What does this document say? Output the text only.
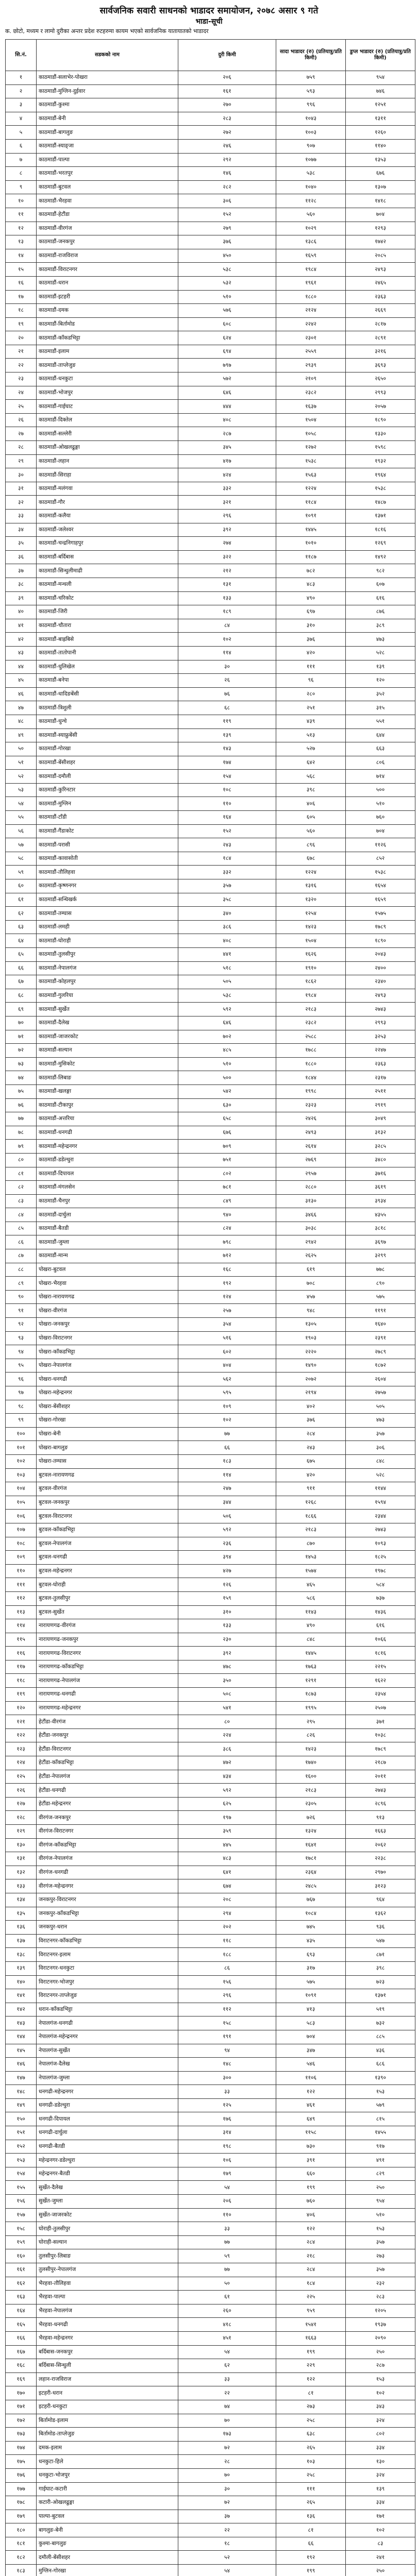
सार्वजनिक सवारी साधनको भाडादर समायोजन, २०७८ असार ९ गते
भाडा-सूची
क. छोटो, मध्यम र लामो दुरीका अन्तर प्रदेश रुटहरुमा कायम भएको सार्वजनिक यातायातको भाडादर
सि.नं.	सडकको नाम	दुरी किमी	सादा भाडादर (रु) (प्रतियात्रु/प्रति किमी)	डुप्ल भाडादर (रु) (प्रतियात्रु/प्रति किमी)
१	काठमाडौं-सलाभेर-पोखरा	२०६	७५९	९५४
२	काठमाडौं-मुग्लिन-दुईवार	१६१	५९३	७४६
३	काठमाडौं-कुश्मा	२७०	९९६	१२५१
४	काठमाडौं-बेनी	२८३	१०४३	१३११
५	काठमाडौं-बागलुङ	२७२	१००३	१२६०
६	काठमाडौं-स्याङ्जा	२४६	९०७	११४०
७	काठमाडौं-पाल्पा	२९२	१०७७	१३५३
८	काठमाडौं-भरतपुर	१४६	५३८	६७६
९	काठमाडौं-बुटवल	२८२	१०४०	१३०७
१०	काठमाडौं-भैरहवा	३०६	११२८	१४१८
११	काठमाडौं-हेटौंडा	१५२	५६०	७०४
१२	काठमाडौं-वीरगंज	२७९	१०२९	१२९३
१३	काठमाडौं-जनकपुर	३७६	१३८६	१७४२
१४	काठमाडौं-राजविराज	४५०	१६५९	२०८५
१५	काठमाडौं-विराटनगर	५३८	१९८४	२४९३
१६	काठमाडौं-धरान	५३२	१९६१	२४६५
१७	काठमाडौं-इटहरी	५१०	१८८०	२३६३
१८	काठमाडौं-दमक	५७६	२१२४	२६६९
१९	काठमाडौं-बिर्तामोड	६०८	२२४२	२८१७
२०	काठमाडौं-काँकडभिट्टा	६२४	२३०१	२८९१
२१	काठमाडौं-इलाम	६९४	२५५९	३२१६
२२	काठमाडौं-ताप्लेजुङ	७९७	२९३९	३६९३
२३	काठमाडौं-धनकुटा	५७२	२१०९	२६५०
२४	काठमाडौं-भोजपुर	६४६	२३८२	२९९३
२५	काठमाडौं-गाईघाट	४४४	१६३७	२०५७
२६	काठमाडौं-दिक्तेल	४०८	१५०४	१८९०
२७	काठमाडौं-सल्लेरी	२८७	१०५८	१३३०
२८	काठमाडौं-ओखलढुङ्गा	३४५	१२७२	१५९८
२९	काठमाडौं-लहान	४१७	१५३८	१९३२
३०	काठमाडौं-सिराहा	४२४	१५६३	१९६४
३१	काठमाडौं-मलंगवा	३३२	१२२४	१५३८
३२	काठमाडौं-गौर	३२१	११८४	१४८७
३३	काठमाडौं-कलैया	२९६	१०९१	१३७१
३४	काठमाडौं-जलेश्वर	३९२	१४४५	१८१६
३५	काठमाडौं-चन्द्रनिगाहपुर	२७४	१०१०	१२६९
३६	काठमाडौं-बर्दिबास	३२२	११८७	१४९२
३७	काठमाडौं-सिन्धुलीमाढी	२१२	७८२	९८२
३८	काठमाडौं-मन्थली	१३१	४८३	६०७
३९	काठमाडौं-चरिकोट	१३३	४९०	६१६
४०	काठमाडौं-जिरी	१८९	६९७	८७६
४१	काठमाडौं-चौतारा	८४	३१०	३८९
४२	काठमाडौं-बाह्रबिसे	१०२	३७६	४७३
४३	काठमाडौं-तातोपानी	११४	४२०	५२८
४४	काठमाडौं-धुलिखेल	३०	१११	१३९
४५	काठमाडौं-बनेपा	२६	९६	१२०
४६	काठमाडौं-धादिङबेंसी	७६	२८०	३५२
४७	काठमाडौं-त्रिशुली	६८	२५१	३१५
४८	काठमाडौं-धुन्चे	११९	४३९	५५१
४९	काठमाडौं-स्याफ्रुबेंसी	१३९	५१३	६४४
५०	काठमाडौं-गोरखा	१४३	५२७	६६३
५१	काठमाडौं-बेंसीशहर	१७४	६४२	८०६
५२	काठमाडौं-दमौली	१५४	५६८	७१४
५३	काठमाडौं-कुरिनटार	१०८	३९८	५००
५४	काठमाडौं-मुग्लिन	११०	४०६	५१०
५५	काठमाडौं-टाँडी	१६४	६०५	७६०
५६	काठमाडौं-गैंडाकोट	१५२	५६०	७०४
५७	काठमाडौं-परासी	२४३	८९६	११२६
५८	काठमाडौं-कावासोती	१८४	६७८	८५२
५९	काठमाडौं-तौलिहवा	३३२	१२२४	१५३८
६०	काठमाडौं-कृष्णनगर	३५७	१३१६	१६५४
६१	काठमाडौं-सन्धिखर्क	३५८	१३२०	१६५९
६२	काठमाडौं-तम्घास	३४०	१२५४	१५७५
६३	काठमाडौं-लमही	३८६	१४२३	१७८९
६४	काठमाडौं-घोराही	४०८	१५०४	१८९०
६५	काठमाडौं-तुलसीपुर	४४१	१६२६	२०४३
६६	काठमाडौं-नेपालगंज	५१८	१९१०	२४००
६७	काठमाडौं-कोहलपुर	५०५	१८६२	२३४०
६८	काठमाडौं-गुलरिया	५३८	१९८४	२४९३
६९	काठमाडौं-सुर्खेत	५९२	२१८३	२७४३
७०	काठमाडौं-दैलेख	६४६	२३८२	२९९३
७१	काठमाडौं-जाजरकोट	७०२	२५८८	३२५३
७२	काठमाडौं-सल्यान	४८५	१७८८	२२४७
७३	काठमाडौं-मुसिकोट	५१०	१८८०	२३६३
७४	काठमाडौं-लिबाङ	५००	१८४४	२३१७
७५	काठमाडौं-खलङ्गा	५४२	१९९८	२५११
७६	काठमाडौं-टीकापुर	६३०	२३२३	२९१९
७७	काठमाडौं-अत्तरिया	६५८	२४२६	३०४९
७८	काठमाडौं-धनगढी	६७६	२४९३	३१३२
७९	काठमाडौं-महेन्द्रनगर	७०९	२६१४	३२८५
८०	काठमाडौं-डडेल्धुरा	७५१	२७६९	३४८०
८१	काठमाडौं-दिपायल	८०२	२९५७	३७१६
८२	काठमाडौं-मंगलसेन	७८१	२८८०	३६१९
८३	काठमाडौं-चैनपुर	८४९	३१३०	३९३४
८४	काठमाडौं-दार्चुला	९४०	३४६६	४३५५
८५	काठमाडौं-बैतडी	८२४	३०३८	३८१८
८६	काठमाडौं-जुम्ला	७९८	२९४२	३६९७
८७	काठमाडौं-मान्म	७१२	२६२५	३२९९
८८	पोखरा-बुटवल	१६८	६१९	७७८
८९	पोखरा-भैरहवा	१९२	७०८	८९०
९०	पोखरा-नारायणगढ	१२४	४५७	५७५
९१	पोखरा-वीरगंज	२५७	९४८	११९१
९२	पोखरा-जनकपुर	३५४	१३०५	१६४०
९३	पोखरा-विराटनगर	५१६	१९०३	२३९१
९४	पोखरा-काँकडभिट्टा	६०२	२२२०	२७८९
९५	पोखरा-नेपालगंज	४०४	१४९०	१८७२
९६	पोखरा-धनगढी	५६२	२०७२	२६०४
९७	पोखरा-महेन्द्रनगर	५९५	२१९४	२७५७
९८	पोखरा-बेंसीशहर	१०९	४०२	५०५
९९	पोखरा-गोरखा	१०२	३७६	४७३
१००	पोखरा-बेनी	७७	२८४	३५७
१०१	पोखरा-बागलुङ	६६	२४३	३०६
१०२	पोखरा-तम्घास	१८३	६७५	८४८
१०३	बुटवल-नारायणगढ	११४	४२०	५२८
१०४	बुटवल-वीरगंज	२४७	९११	११४४
१०५	बुटवल-जनकपुर	३४४	१२६८	१५९४
१०६	बुटवल-विराटनगर	५०६	१८६६	२३४४
१०७	बुटवल-काँकडभिट्टा	५९२	२१८३	२७४३
१०८	बुटवल-नेपालगंज	२३६	८७०	१०९३
१०९	बुटवल-धनगढी	३९४	१४५३	१८२५
११०	बुटवल-महेन्द्रनगर	४२७	१५७४	१९७८
१११	बुटवल-घोराही	१२६	४६५	५८४
११२	बुटवल-तुलसीपुर	१५९	५८६	७३७
११३	बुटवल-सुर्खेत	३१०	११४३	१४३६
११४	नारायणगढ-वीरगंज	१३३	४९०	६१६
११५	नारायणगढ-जनकपुर	२३०	८४८	१०६६
११६	नारायणगढ-विराटनगर	३९२	१४४५	१८१६
११७	नारायणगढ-काँकडभिट्टा	४७८	१७६३	२२१५
११८	नारायणगढ-नेपालगंज	३५०	१२९१	१६२२
११९	नारायणगढ-धनगढी	५०८	१८७३	२३५४
१२०	नारायणगढ-महेन्द्रनगर	५४१	१९९५	२५०७
१२१	हेटौंडा-वीरगंज	८०	२९५	३७१
१२२	हेटौंडा-जनकपुर	२२४	८२६	१०३८
१२३	हेटौंडा-विराटनगर	३८६	१४२३	१७८९
१२४	हेटौंडा-काँकडभिट्टा	४७२	१७४०	२१८७
१२५	हेटौंडा-नेपालगंज	४३४	१६००	२०११
१२६	हेटौंडा-धनगढी	५९२	२१८३	२७४३
१२७	हेटौंडा-महेन्द्रनगर	६२५	२३०५	२८९६
१२८	वीरगंज-जनकपुर	१९७	७२६	९१३
१२९	वीरगंज-विराटनगर	३५९	१३२४	१६६३
१३०	वीरगंज-काँकडभिट्टा	४४५	१६४१	२०६२
१३१	वीरगंज-नेपालगंज	४८३	१७८१	२२३८
१३२	वीरगंज-धनगढी	६४१	२३६४	२९७०
१३३	वीरगंज-महेन्द्रनगर	६७४	२४८५	३१२३
१३४	जनकपुर-विराटनगर	२०८	७६७	९६४
१३५	जनकपुर-काँकडभिट्टा	२९४	१०८४	१३६२
१३६	जनकपुर-धरान	२०२	७४५	९३६
१३७	विराटनगर-काँकडभिट्टा	११८	४३५	५४७
१३८	विराटनगर-इलाम	१८८	६९३	८७१
१३९	विराटनगर-धनकुटा	८६	३१७	३९८
१४०	विराटनगर-भोजपुर	१५६	५७५	७२३
१४१	विराटनगर-ताप्लेजुङ	२९६	१०९१	१३७१
१४२	धरान-काँकडभिट्टा	११२	४१३	५१९
१४३	नेपालगंज-धनगढी	१५८	५८३	७३२
१४४	नेपालगंज-महेन्द्रनगर	१९१	७०४	८८५
१४५	नेपालगंज-सुर्खेत	९४	३४७	४३६
१४६	नेपालगंज-दैलेख	१४८	५४६	६८६
१४७	नेपालगंज-जुम्ला	३००	११०६	१३९०
१४८	धनगढी-महेन्द्रनगर	३३	१२२	१५३
१४९	धनगढी-डडेल्धुरा	१२५	४६१	५७९
१५०	धनगढी-दिपायल	१७६	६४९	८१५
१५१	धनगढी-दार्चुला	३१४	११५८	१४५५
१५२	धनगढी-बैतडी	१९८	७३०	९१७
१५३	महेन्द्रनगर-डडेल्धुरा	१०६	३९१	४९१
१५४	महेन्द्रनगर-बैतडी	१७९	६६०	८२९
१५५	सुर्खेत-दैलेख	५४	१९९	२५०
१५६	सुर्खेत-जुम्ला	२०६	७६०	९५४
१५७	सुर्खेत-जाजरकोट	११०	४०६	५१०
१५८	घोराही-तुलसीपुर	३३	१२२	१५३
१५९	घोराही-सल्यान	७७	२८४	३५७
१६०	तुलसीपुर-लिबाङ	५९	२१८	२७३
१६१	तुलसीपुर-नेपालगंज	७७	२८४	३५७
१६२	भैरहवा-तौलिहवा	५०	१८४	२३२
१६३	भैरहवा-पाल्पा	६१	२२५	२८३
१६४	भैरहवा-नेपालगंज	२६०	९५९	१२०५
१६५	भैरहवा-धनगढी	४१८	१५४१	१९३७
१६६	भैरहवा-महेन्द्रनगर	४५१	१६६३	२०९०
१६७	बर्दिबास-जनकपुर	५४	१९९	२५०
१६८	बर्दिबास-सिन्धुली	६२	२२९	२८७
१६९	लहान-राजविराज	३३	१२२	१५३
१७०	इटहरी-धरान	२२	८१	१०२
१७१	इटहरी-धनकुटा	७४	२७३	३४३
१७२	बिर्तामोड-इलाम	७०	२५८	३२४
१७३	बिर्तामोड-ताप्लेजुङ	१७३	६३८	८०२
१७४	दमक-इलाम	७२	२६५	३३४
१७५	धनकुटा-हिले	२८	१०३	१३०
१७६	धनकुटा-भोजपुर	७०	२५८	३२४
१७७	गाईघाट-कटारी	३०	१११	१३९
१७८	कटारी-ओखलढुङ्गा	७२	२६५	३३४
१७९	पाल्पा-बुटवल	३७	१३६	१७१
१८०	बागलुङ-बेनी	२२	८१	१०२
१८१	कुश्मा-बागलुङ	१८	६६	८३
१८२	दमौली-बेंसीशहर	५२	१९२	२४१
१८३	मुग्लिन-गोरखा	५४	१९९	२५०
